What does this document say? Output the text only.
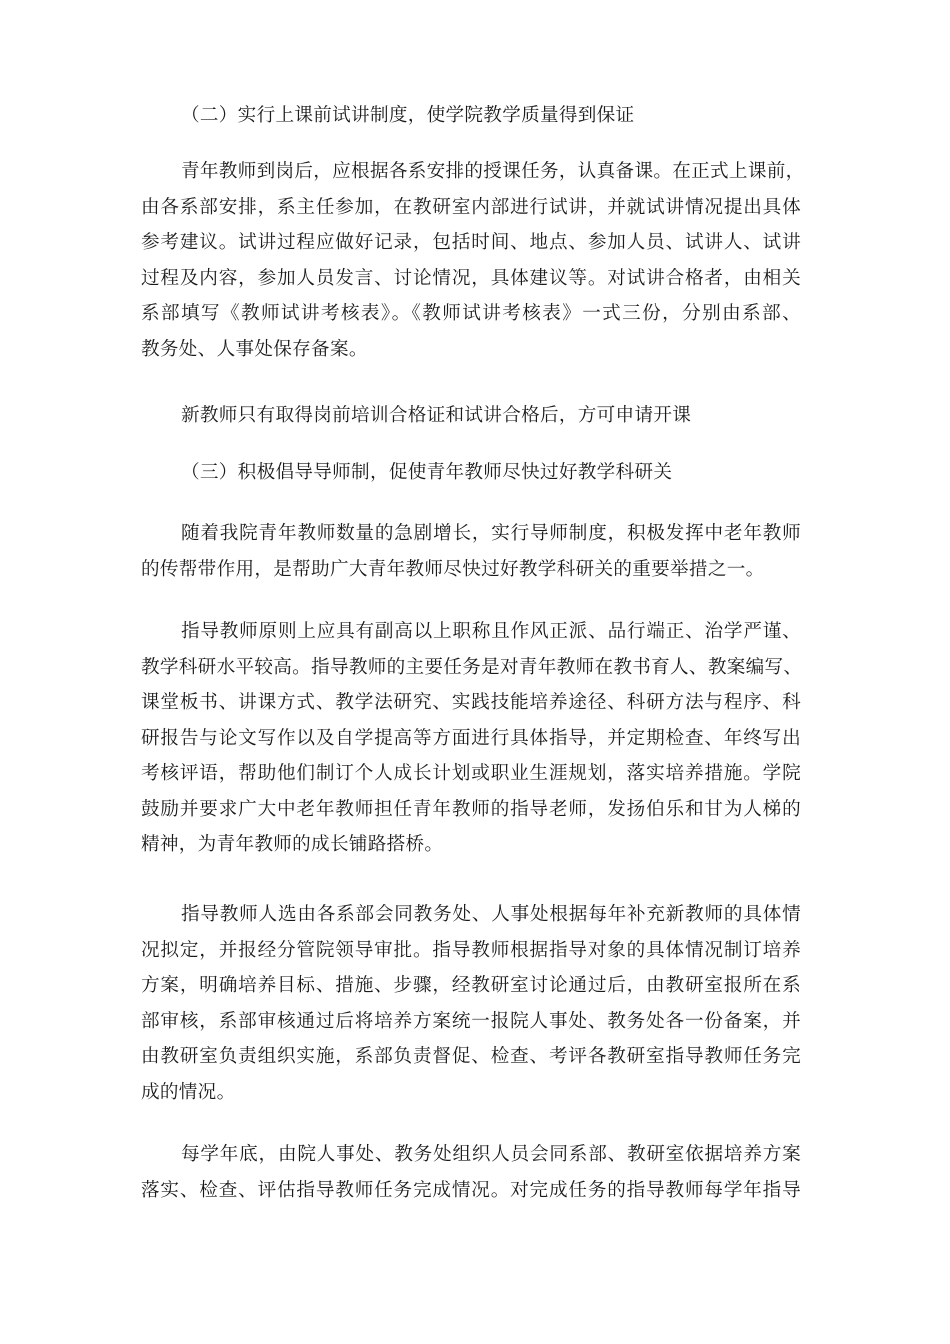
（二）实行上课前试讲制度，使学院教学质量得到保证
青年教师到岗后，应根据各系安排的授课任务，认真备课。在正式上课前，
由各系部安排，系主任参加，在教研室内部进行试讲，并就试讲情况提出具体
参考建议。试讲过程应做好记录，包括时间、地点、参加人员、试讲人、试讲
过程及内容，参加人员发言、讨论情况，具体建议等。对试讲合格者，由相关
系部填写《教师试讲考核表》。《教师试讲考核表》一式三份，分别由系部、
教务处、人事处保存备案。
新教师只有取得岗前培训合格证和试讲合格后，方可申请开课
（三）积极倡导导师制，促使青年教师尽快过好教学科研关
随着我院青年教师数量的急剧增长，实行导师制度，积极发挥中老年教师
的传帮带作用，是帮助广大青年教师尽快过好教学科研关的重要举措之一。
指导教师原则上应具有副高以上职称且作风正派、品行端正、治学严谨、
教学科研水平较高。指导教师的主要任务是对青年教师在教书育人、教案编写、
课堂板书、讲课方式、教学法研究、实践技能培养途径、科研方法与程序、科
研报告与论文写作以及自学提高等方面进行具体指导，并定期检查、年终写出
考核评语，帮助他们制订个人成长计划或职业生涯规划，落实培养措施。学院
鼓励并要求广大中老年教师担任青年教师的指导老师，发扬伯乐和甘为人梯的
精神，为青年教师的成长铺路搭桥。
指导教师人选由各系部会同教务处、人事处根据每年补充新教师的具体情
况拟定，并报经分管院领导审批。指导教师根据指导对象的具体情况制订培养
方案，明确培养目标、措施、步骤，经教研室讨论通过后，由教研室报所在系
部审核，系部审核通过后将培养方案统一报院人事处、教务处各一份备案，并
由教研室负责组织实施，系部负责督促、检查、考评各教研室指导教师任务完
成的情况。
每学年底，由院人事处、教务处组织人员会同系部、教研室依据培养方案
落实、检查、评估指导教师任务完成情况。对完成任务的指导教师每学年指导
